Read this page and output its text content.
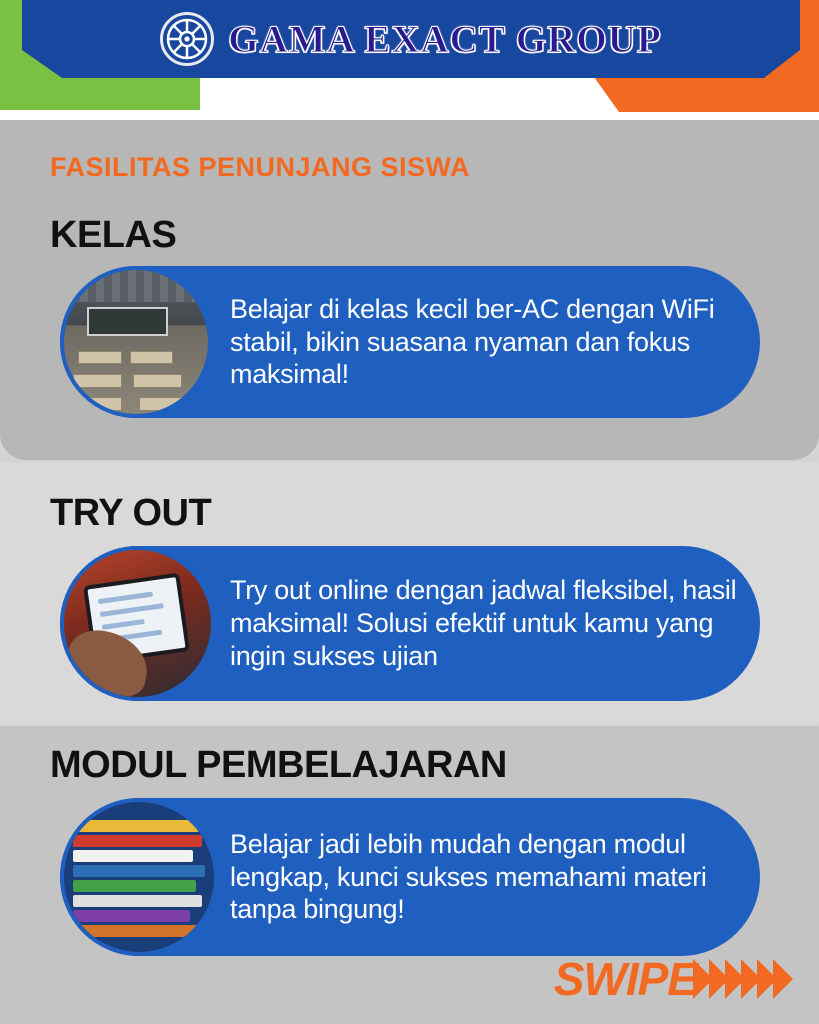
GAMA EXACT GROUP
FASILITAS PENUNJANG SISWA
KELAS
Belajar di kelas kecil ber-AC dengan WiFi stabil, bikin suasana nyaman dan fokus maksimal!
TRY OUT
Try out online dengan jadwal fleksibel, hasil maksimal! Solusi efektif untuk kamu yang ingin sukses ujian
MODUL PEMBELAJARAN
Belajar jadi lebih mudah dengan modul lengkap, kunci sukses memahami materi tanpa bingung!
SWIPE
